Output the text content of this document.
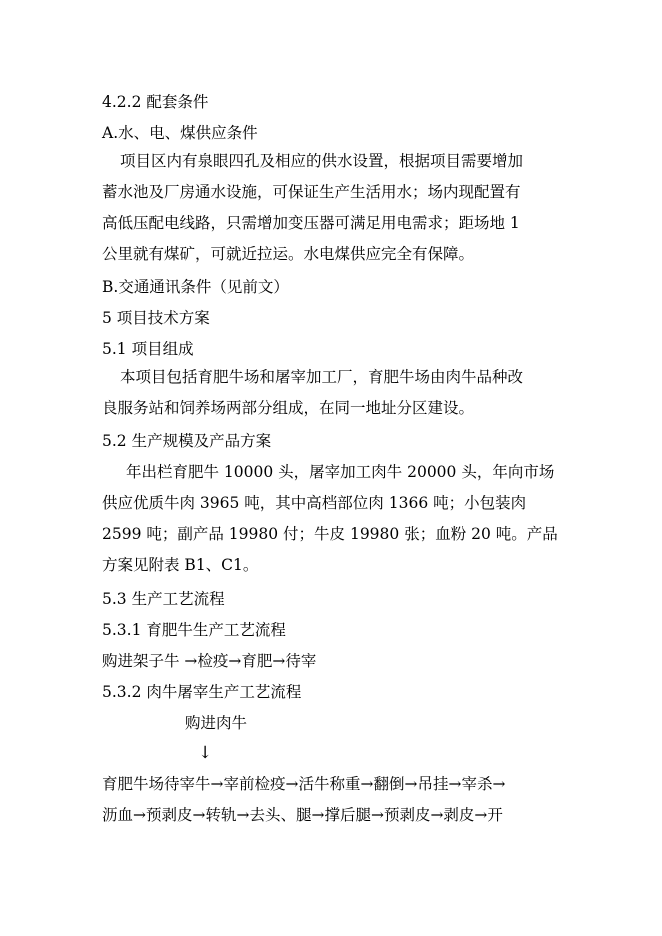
4.2.2 配套条件
A.水、电、煤供应条件
项目区内有泉眼四孔及相应的供水设置，根据项目需要增加
蓄水池及厂房通水设施，可保证生产生活用水；场内现配置有
高低压配电线路，只需增加变压器可满足用电需求；距场地 1
公里就有煤矿，可就近拉运。水电煤供应完全有保障。
B.交通通讯条件（见前文）
5 项目技术方案
5.1 项目组成
本项目包括育肥牛场和屠宰加工厂，育肥牛场由肉牛品种改
良服务站和饲养场两部分组成，在同一地址分区建设。
5.2 生产规模及产品方案
年出栏育肥牛 10000 头，屠宰加工肉牛 20000 头，年向市场
供应优质牛肉 3965 吨，其中高档部位肉 1366 吨；小包装肉
2599 吨；副产品 19980 付；牛皮 19980 张；血粉 20 吨。产品
方案见附表 B1、C1。
5.3 生产工艺流程
5.3.1 育肥牛生产工艺流程
购进架子牛 →检疫→育肥→待宰
5.3.2 肉牛屠宰生产工艺流程
购进肉牛
↓
育肥牛场待宰牛→宰前检疫→活牛称重→翻倒→吊挂→宰杀→
沥血→预剥皮→转轨→去头、腿→撑后腿→预剥皮→剥皮→开
